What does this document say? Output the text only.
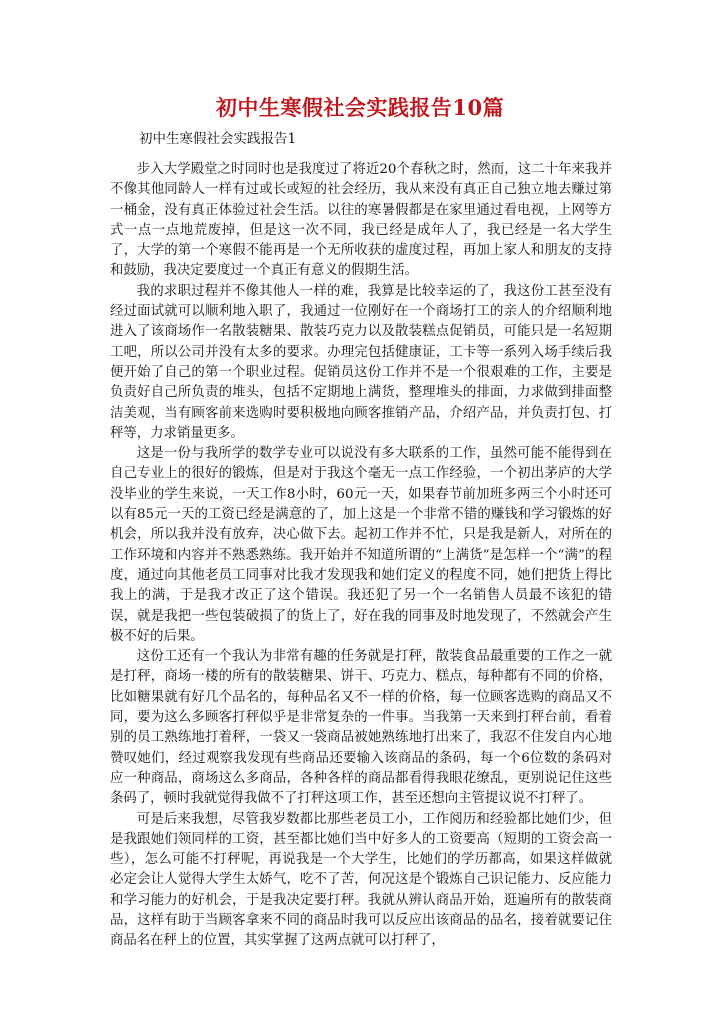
初中生寒假社会实践报告10篇
初中生寒假社会实践报告1

步入大学殿堂之时同时也是我度过了将近20个春秋之时，然而，这二十年来我并不像其他同龄人一样有过或长或短的社会经历，我从来没有真正自己独立地去赚过第一桶金，没有真正体验过社会生活。以往的寒暑假都是在家里通过看电视，上网等方式一点一点地荒废掉，但是这一次不同，我已经是成年人了，我已经是一名大学生了，大学的第一个寒假不能再是一个无所收获的虚度过程，再加上家人和朋友的支持和鼓励，我决定要度过一个真正有意义的假期生活。

我的求职过程并不像其他人一样的难，我算是比较幸运的了，我这份工甚至没有经过面试就可以顺利地入职了，我通过一位刚好在一个商场打工的亲人的介绍顺利地进入了该商场作一名散装糖果、散装巧克力以及散装糕点促销员，可能只是一名短期工吧，所以公司并没有太多的要求。办理完包括健康证，工卡等一系列入场手续后我便开始了自己的第一个职业过程。促销员这份工作并不是一个很艰难的工作，主要是负责好自己所负责的堆头，包括不定期地上满货，整理堆头的排面，力求做到排面整洁美观，当有顾客前来选购时要积极地向顾客推销产品，介绍产品，并负责打包、打秤等，力求销量更多。

这是一份与我所学的数学专业可以说没有多大联系的工作，虽然可能不能得到在自己专业上的很好的锻炼，但是对于我这个毫无一点工作经验，一个初出茅庐的大学没毕业的学生来说，一天工作8小时，60元一天，如果春节前加班多两三个小时还可以有85元一天的工资已经是满意的了，加上这是一个非常不错的赚钱和学习锻炼的好机会，所以我并没有放弃，决心做下去。起初工作并不忙，只是我是新人，对所在的工作环境和内容并不熟悉熟练。我开始并不知道所谓的“上满货”是怎样一个“满”的程度，通过向其他老员工同事对比我才发现我和她们定义的程度不同，她们把货上得比我上的满，于是我才改正了这个错误。我还犯了另一个一名销售人员最不该犯的错误，就是我把一些包装破损了的货上了，好在我的同事及时地发现了，不然就会产生极不好的后果。

这份工还有一个我认为非常有趣的任务就是打秤，散装食品最重要的工作之一就是打秤，商场一楼的所有的散装糖果、饼干、巧克力、糕点，每种都有不同的价格，比如糖果就有好几个品名的，每种品名又不一样的价格，每一位顾客选购的商品又不同，要为这么多顾客打秤似乎是非常复杂的一件事。当我第一天来到打秤台前，看着别的员工熟练地打着秤，一袋又一袋商品被她熟练地打出来了，我忍不住发自内心地赞叹她们，经过观察我发现有些商品还要输入该商品的条码，每一个6位数的条码对应一种商品，商场这么多商品，各种各样的商品都看得我眼花缭乱，更别说记住这些条码了，顿时我就觉得我做不了打秤这项工作，甚至还想向主管提议说不打秤了。

可是后来我想，尽管我岁数都比那些老员工小，工作阅历和经验都比她们少，但是我跟她们领同样的工资，甚至都比她们当中好多人的工资要高（短期的工资会高一些），怎么可能不打秤呢，再说我是一个大学生，比她们的学历都高，如果这样做就必定会让人觉得大学生太娇气，吃不了苦，何况这是个锻炼自己识记能力、反应能力和学习能力的好机会，于是我决定要打秤。我就从辨认商品开始，逛遍所有的散装商品，这样有助于当顾客拿来不同的商品时我可以反应出该商品的品名，接着就要记住商品名在秤上的位置，其实掌握了这两点就可以打秤了，
